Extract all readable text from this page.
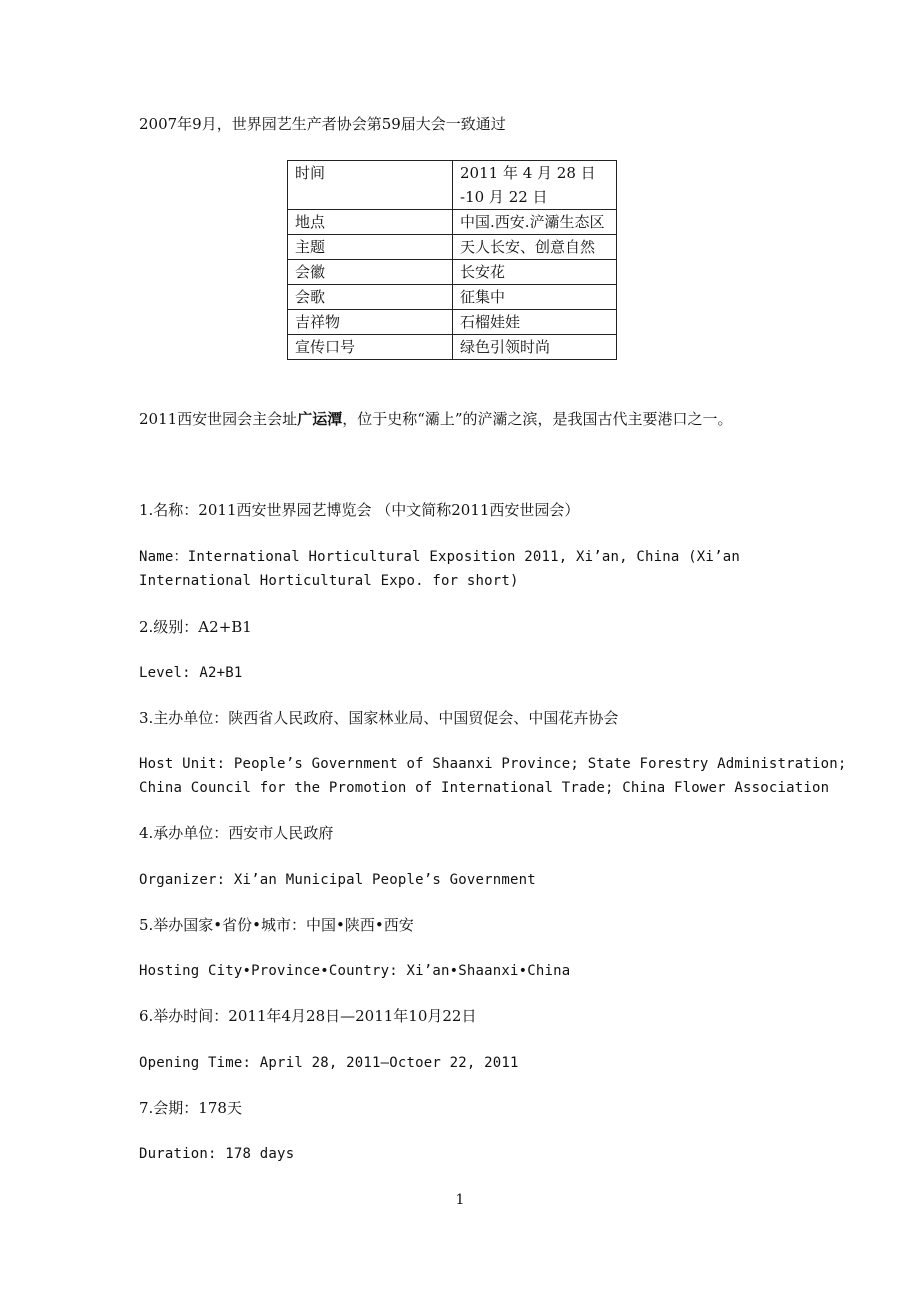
2007年9月，世界园艺生产者协会第59届大会一致通过
时间	2011 年 4 月 28 日 -10 月 22 日
地点	中国.西安.浐灞生态区
主题	天人长安、创意自然
会徽	长安花
会歌	征集中
吉祥物	石榴娃娃
宣传口号	绿色引领时尚
2011西安世园会主会址广运潭，位于史称“灞上”的浐灞之滨，是我国古代主要港口之一。
1.名称：2011西安世界园艺博览会 （中文简称2011西安世园会）
Name：International Horticultural Exposition 2011, Xi’an, China (Xi’an
International Horticultural Expo. for short)
2.级别：A2+B1
Level: A2+B1
3.主办单位：陕西省人民政府、国家林业局、中国贸促会、中国花卉协会
Host Unit: People’s Government of Shaanxi Province; State Forestry Administration;
China Council for the Promotion of International Trade; China Flower Association
4.承办单位：西安市人民政府
Organizer: Xi’an Municipal People’s Government
5.举办国家•省份•城市：中国•陕西•西安
Hosting City•Province•Country: Xi’an•Shaanxi•China
6.举办时间：2011年4月28日—2011年10月22日
Opening Time: April 28, 2011—Octoer 22, 2011
7.会期：178天
Duration: 178 days
1
